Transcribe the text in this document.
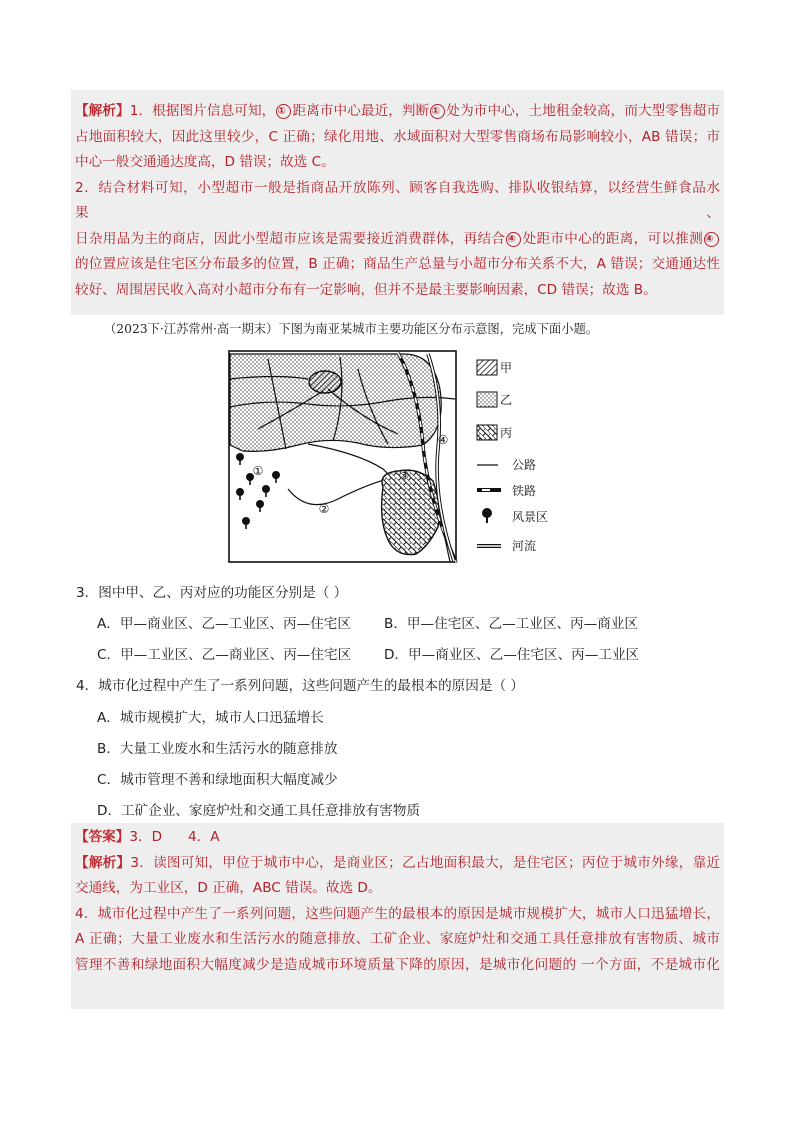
【解析】1．根据图片信息可知， ① 距离市中心最近，判断 ① 处为市中心，土地租金较高，而大型零售超市

占地面积较大，因此这里较少，C 正确；绿化用地、水域面积对大型零售商场布局影响较小，AB 错误；市

中心一般交通通达度高，D 错误；故选 C。

2．结合材料可知，小型超市一般是指商品开放陈列、顾客自我选购、排队收银结算，以经营生鲜食品水果、

日杂用品为主的商店，因此小型超市应该是需要接近消费群体，再结合 ④ 处距市中心的距离，可以推测 ④

的位置应该是住宅区分布最多的位置，B 正确；商品生产总量与小超市分布关系不大，A 错误；交通通达性

较好、周围居民收入高对小超市分布有一定影响，但并不是最主要影响因素，CD 错误；故选 B。

（2023下·江苏常州·高一期末）下图为南亚某城市主要功能区分布示意图，完成下面小题。
①
②
③
④
甲
乙
丙
公路
铁路
风景区
河流
3．图中甲、乙、丙对应的功能区分别是（ ）
A．甲—商业区、乙—工业区、丙—住宅区 B．甲—住宅区、乙—工业区、丙—商业区
C．甲—工业区、乙—商业区、丙—住宅区 D．甲—商业区、乙—住宅区、丙—工业区
4．城市化过程中产生了一系列问题，这些问题产生的最根本的原因是（ ）
A．城市规模扩大，城市人口迅猛增长
B．大量工业废水和生活污水的随意排放
C．城市管理不善和绿地面积大幅度减少
D．工矿企业、家庭炉灶和交通工具任意排放有害物质

【答案】3．D      4．A

【解析】3．读图可知，甲位于城市中心，是商业区；乙占地面积最大，是住宅区；丙位于城市外缘，靠近

交通线，为工业区，D 正确，ABC 错误。故选 D。

4．城市化过程中产生了一系列问题，这些问题产生的最根本的原因是城市规模扩大，城市人口迅猛增长，

A 正确；大量工业废水和生活污水的随意排放、工矿企业、家庭炉灶和交通工具任意排放有害物质、城市

管理不善和绿地面积大幅度减少是造成城市环境质量下降的原因，是城市化问题的 一个方面，不是城市化
